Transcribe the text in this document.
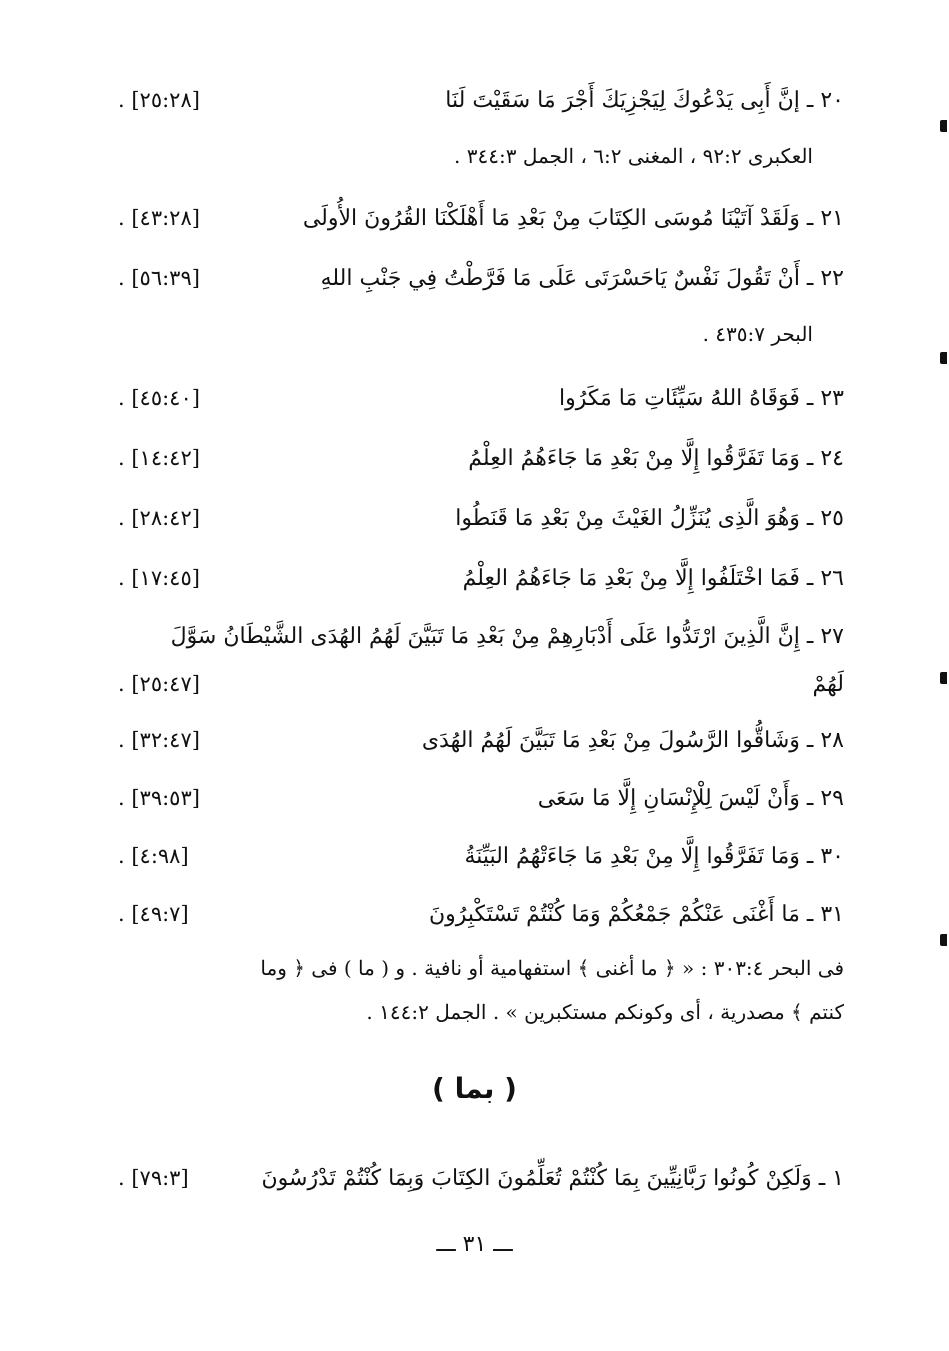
٢٠ ـ إنَّ أَبِى يَدْعُوكَ لِيَجْزِيَكَ أَجْرَ مَا سَقَيْتَ لَنَا
[٢٥:٢٨] .
العكبرى ٩٢:٢ ، المغنى ٦:٢ ، الجمل ٣٤٤:٣ .
٢١ ـ وَلَقَدْ آتَيْنَا مُوسَى الكِتَابَ مِنْ بَعْدِ مَا أَهْلَكْنَا القُرُونَ الأُولَى
[٤٣:٢٨] .
٢٢ ـ أَنْ تَقُولَ نَفْسٌ يَاحَسْرَتَى عَلَى مَا فَرَّطْتُ فِي جَنْبِ اللهِ
[٥٦:٣٩] .
البحر ٤٣٥:٧ .
٢٣ ـ فَوَقَاهُ اللهُ سَيِّئَاتِ مَا مَكَرُوا
[٤٥:٤٠] .
٢٤ ـ وَمَا تَفَرَّقُوا إِلَّا مِنْ بَعْدِ مَا جَاءَهُمُ العِلْمُ
[١٤:٤٢] .
٢٥ ـ وَهُوَ الَّذِى يُنَزِّلُ الغَيْثَ مِنْ بَعْدِ مَا قَنَطُوا
[٢٨:٤٢] .
٢٦ ـ فَمَا اخْتَلَفُوا إِلَّا مِنْ بَعْدِ مَا جَاءَهُمُ العِلْمُ
[١٧:٤٥] .
٢٧ ـ إِنَّ الَّذِينَ ارْتَدُّوا عَلَى أَدْبَارِهِمْ مِنْ بَعْدِ مَا تَبَيَّنَ لَهُمُ الهُدَى الشَّيْطَانُ سَوَّلَ
لَهُمْ
[٢٥:٤٧] .
٢٨ ـ وَشَاقُّوا الرَّسُولَ مِنْ بَعْدِ مَا تَبَيَّنَ لَهُمُ الهُدَى
[٣٢:٤٧] .
٢٩ ـ وَأَنْ لَيْسَ لِلْإِنْسَانِ إِلَّا مَا سَعَى
[٣٩:٥٣] .
٣٠ ـ وَمَا تَفَرَّقُوا إِلَّا مِنْ بَعْدِ مَا جَاءَتْهُمُ البَيِّنَةُ
[٤:٩٨] .
٣١ ـ مَا أَغْنَى عَنْكُمْ جَمْعُكُمْ وَمَا كُنْتُمْ تَسْتَكْبِرُونَ
[٤٩:٧] .
فى البحر ٣٠٣:٤ : « ﴿ ما أغنى ﴾ استفهامية أو نافية . و ( ما ) فى ﴿ وما
كنتم ﴾ مصدرية ، أى وكونكم مستكبرين » . الجمل ١٤٤:٢ .
( بما )
١ ـ وَلَكِنْ كُونُوا رَبَّانِيِّينَ بِمَا كُنْتُمْ تُعَلِّمُونَ الكِتَابَ وَبِمَا كُنْتُمْ تَدْرُسُونَ
[٧٩:٣] .
ـــ ٣١ ـــ
